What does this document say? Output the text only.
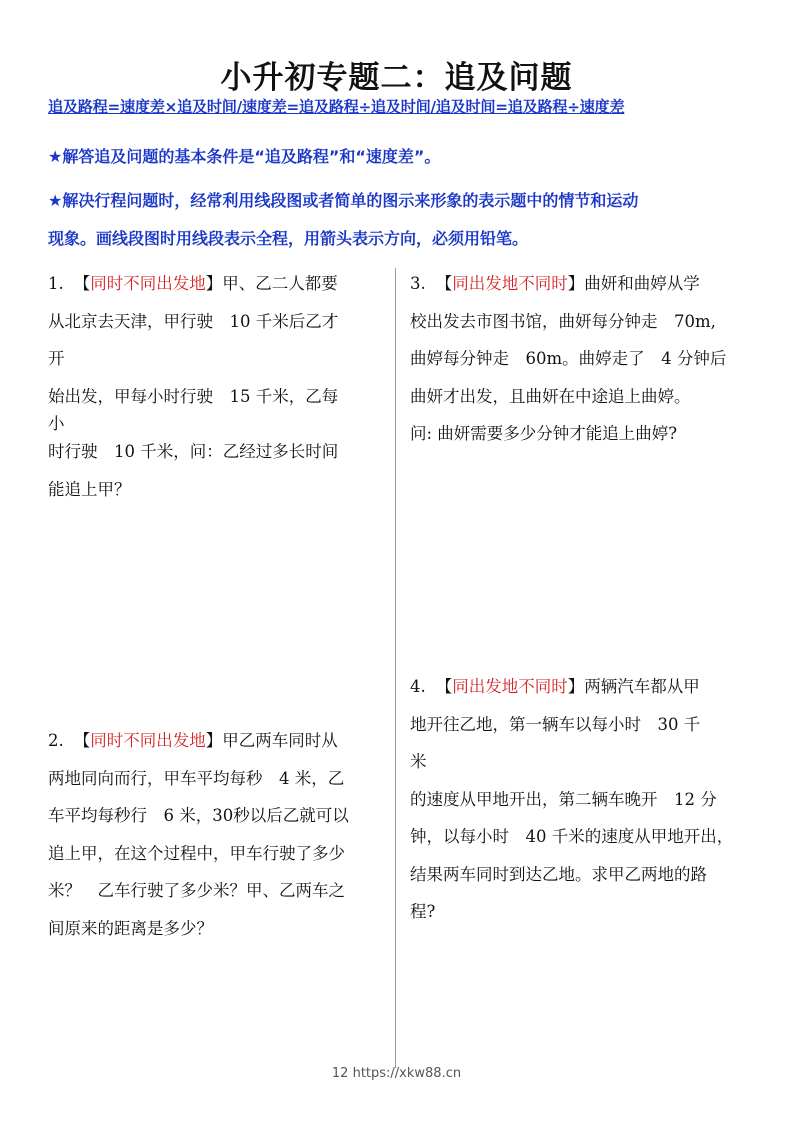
小升初专题二：追及问题
追及路程=速度差×追及时间/速度差=追及路程÷追及时间/追及时间=追及路程÷速度差
★解答追及问题的基本条件是“追及路程”和“速度差”。
★解决行程问题时，经常利用线段图或者简单的图示来形象的表示题中的情节和运动
现象。画线段图时用线段表示全程，用箭头表示方向，必须用铅笔。
1. 【同时不同出发地】甲、乙二人都要
从北京去天津，甲行驶　10 千米后乙才
开
始出发，甲每小时行驶　15 千米，乙每
小
时行驶　10 千米，问：乙经过多长时间
能追上甲？
2. 【同时不同出发地】甲乙两车同时从
两地同向而行，甲车平均每秒　4 米，乙
车平均每秒行　6 米，30秒以后乙就可以
追上甲，在这个过程中，甲车行驶了多少
米？　乙车行驶了多少米？甲、乙两车之
间原来的距离是多少？
3. 【同出发地不同时】曲妍和曲婷从学
校出发去市图书馆，曲妍每分钟走　70m,
曲婷每分钟走　60m。曲婷走了　4 分钟后
曲妍才出发，且曲妍在中途追上曲婷。
问: 曲妍需要多少分钟才能追上曲婷?
4. 【同出发地不同时】两辆汽车都从甲
地开往乙地，第一辆车以每小时　30 千
米
的速度从甲地开出，第二辆车晚开　12 分
钟，以每小时　40 千米的速度从甲地开出，
结果两车同时到达乙地。求甲乙两地的路
程?
12 https://xkw88.cn
